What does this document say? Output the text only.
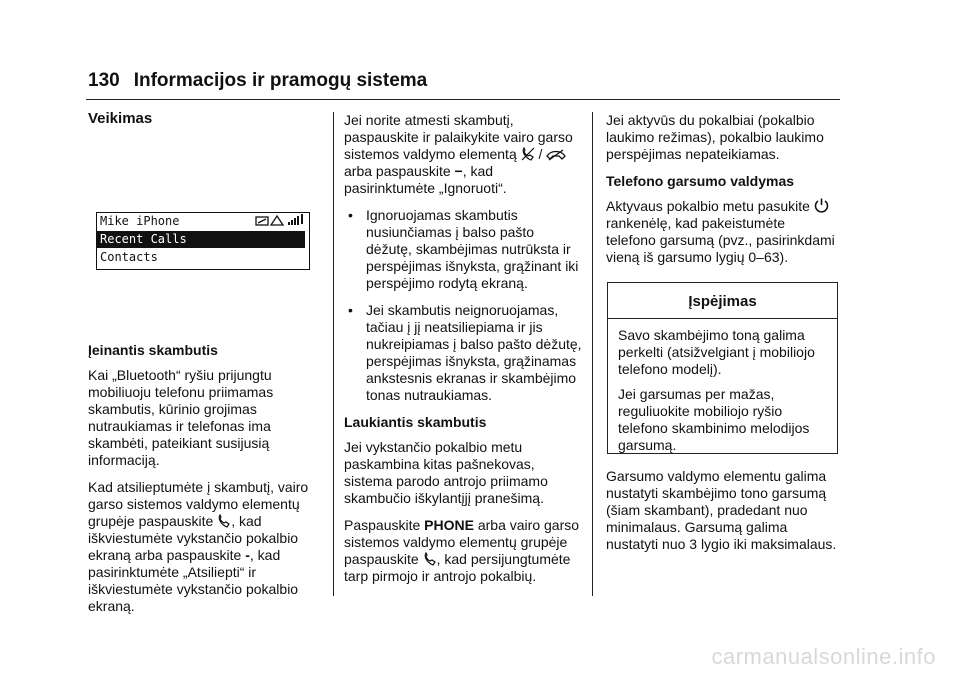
130 Informacijos ir pramogų sistema
Veikimas
Mike iPhone
Recent Calls
Contacts
Įeinantis skambutis

Kai „Bluetooth“ ryšiu prijungtu mobiliuoju telefonu priimamas skambutis, kūrinio grojimas nutraukiamas ir telefonas ima skambėti, pateikiant susijusią informaciją.

Kad atsilieptumėte į skambutį, vairo garso sistemos valdymo elementų grupėje paspauskite , kad iškviestumėte vykstančio pokalbio ekraną arba paspauskite -, kad pasirinktumėte „Atsiliepti“ ir iškviestumėte vykstančio pokalbio ekraną.

Jei norite atmesti skambutį, paspauskite ir palaikykite vairo garso sistemos valdymo elementą /  arba paspauskite −, kad pasirinktumėte „Ignoruoti“.

• Ignoruojamas skambutis nusiunčiamas į balso pašto dėžutę, skambėjimas nutrūksta ir perspėjimas išnyksta, grąžinant iki perspėjimo rodytą ekraną.
• Jei skambutis neignoruojamas, tačiau į jį neatsiliepiama ir jis nukreipiamas į balso pašto dėžutę, perspėjimas išnyksta, grąžinamas ankstesnis ekranas ir skambėjimo tonas nutraukiamas.
Laukiantis skambutis

Jei vykstančio pokalbio metu paskambina kitas pašnekovas, sistema parodo antrojo priimamo skambučio iškylantįjį pranešimą.

Paspauskite PHONE arba vairo garso sistemos valdymo elementų grupėje paspauskite , kad persijungtumėte tarp pirmojo ir antrojo pokalbių.

Jei aktyvūs du pokalbiai (pokalbio laukimo režimas), pokalbio laukimo perspėjimas nepateikiamas.

Telefono garsumo valdymas

Aktyvaus pokalbio metu pasukite  rankenėlę, kad pakeistumėte telefono garsumą (pvz., pasirinkdami vieną iš garsumo lygių 0–63).

Įspėjimas

Savo skambėjimo toną galima perkelti (atsižvelgiant į mobiliojo telefono modelį).

Jei garsumas per mažas, reguliuokite mobiliojo ryšio telefono skambinimo melodijos garsumą.

Garsumo valdymo elementu galima nustatyti skambėjimo tono garsumą (šiam skambant), pradedant nuo minimalaus. Garsumą galima nustatyti nuo 3 lygio iki maksimalaus.

carmanualsonline.info
